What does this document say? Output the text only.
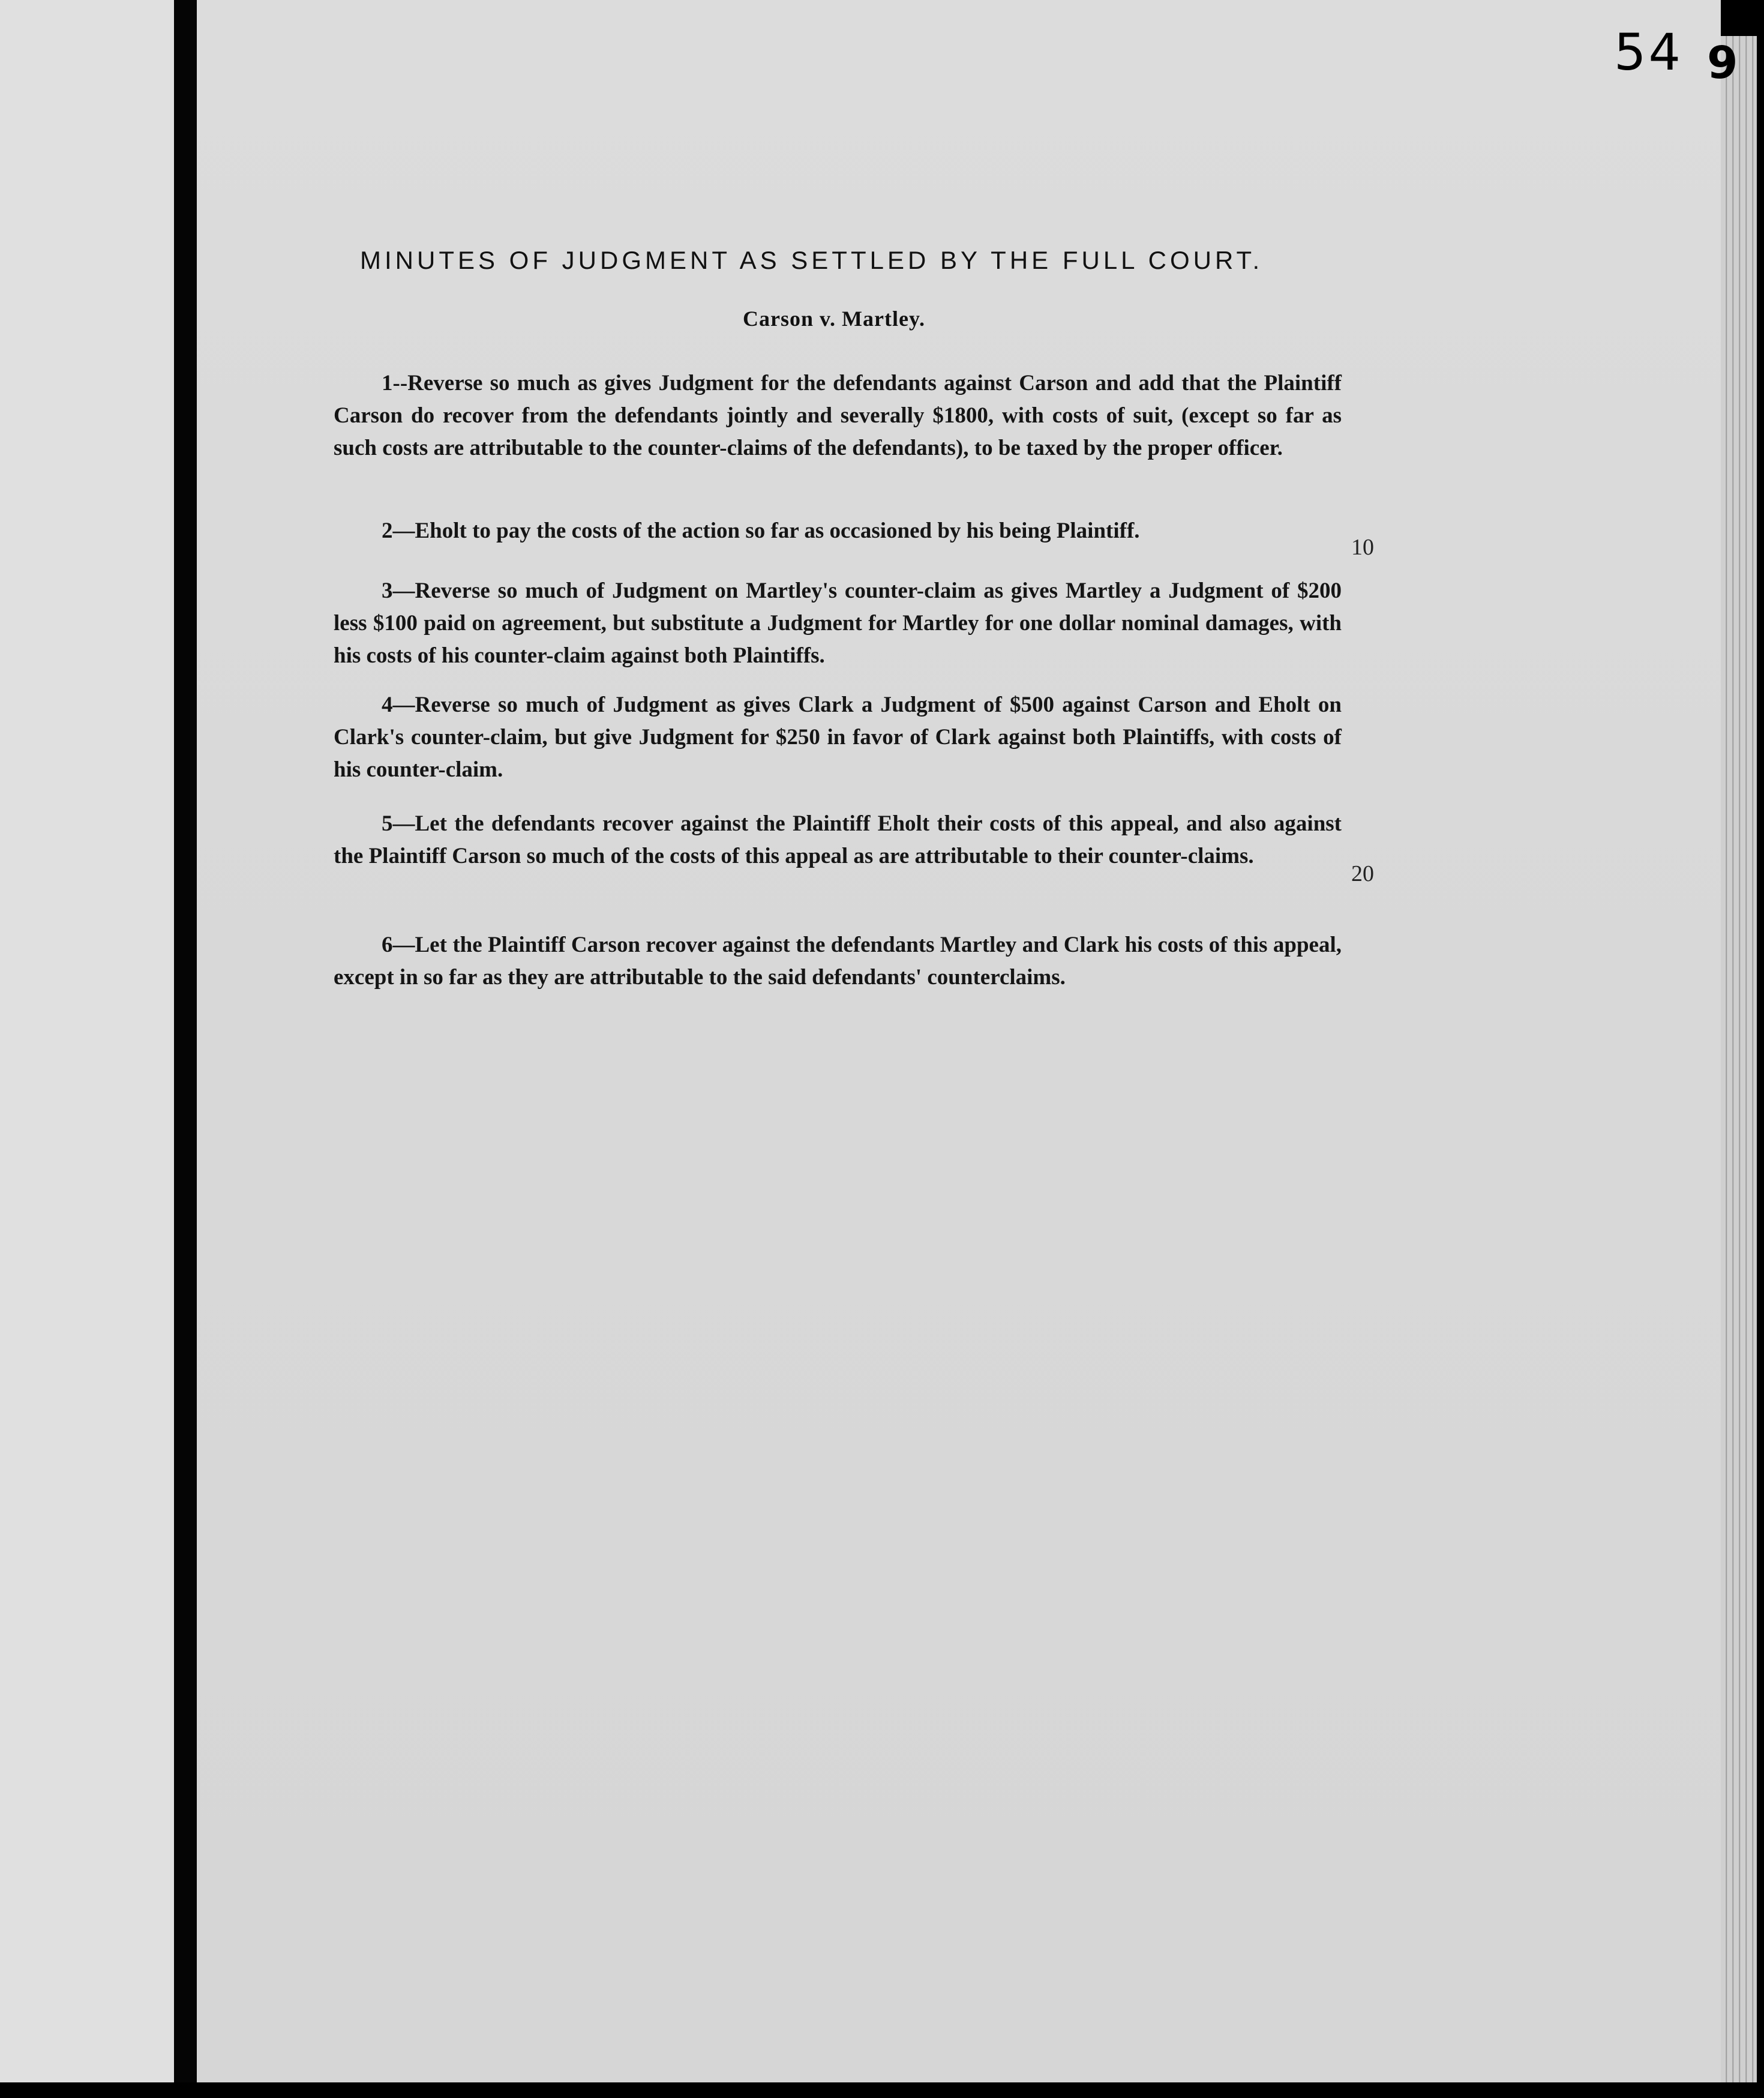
54 9
MINUTES OF JUDGMENT AS SETTLED BY THE FULL COURT.
Carson v. Martley.

1--Reverse so much as gives Judgment for the defendants against Carson and add that the Plaintiff Carson do recover from the defendants jointly and severally $1800, with costs of suit, (except so far as such costs are attributable to the counter-claims of the defendants), to be taxed by the proper officer.

2—Eholt to pay the costs of the action so far as occasioned by his being Plaintiff.

3—Reverse so much of Judgment on Martley's counter-claim as gives Martley a Judgment of $200 less $100 paid on agreement, but substitute a Judgment for Martley for one dollar nominal damages, with his costs of his counter-claim against both Plaintiffs.

4—Reverse so much of Judgment as gives Clark a Judgment of $500 against Carson and Eholt on Clark's counter-claim, but give Judgment for $250 in favor of Clark against both Plaintiffs, with costs of his counter-claim.

5—Let the defendants recover against the Plaintiff Eholt their costs of this appeal, and also against the Plaintiff Carson so much of the costs of this appeal as are attributable to their counter-claims.

6—Let the Plaintiff Carson recover against the defendants Martley and Clark his costs of this appeal, except in so far as they are attributable to the said defendants' counterclaims.

10
20
